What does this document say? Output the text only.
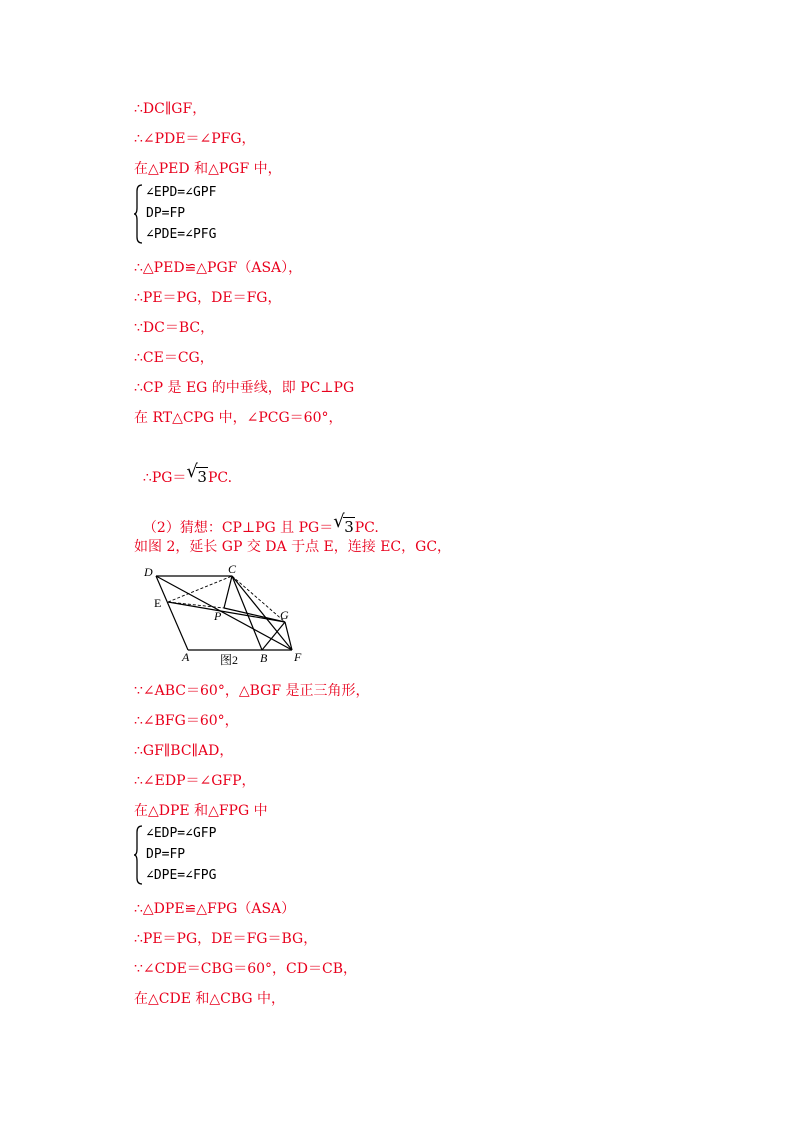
∴DC∥GF，
∴∠PDE＝∠PFG，
在△PED 和△PGF 中，
∠EPD=∠GPF
DP=FP
∠PDE=∠PFG
∴△PED≌△PGF（ASA），
∴PE＝PG，DE＝FG，
∵DC＝BC，
∴CE＝CG，
∴CP 是 EG 的中垂线，即 PC⊥PG
在 RT△CPG 中，∠PCG＝60°，

∴PG＝ √ 3PC.

（2）猜想：CP⊥PG 且 PG＝ √ 3PC.

如图 2，延长 GP 交 DA 于点 E，连接 EC，GC，
D	C
E
P	G
A	B F
图2
∵∠ABC＝60°，△BGF 是正三角形，
∴∠BFG＝60°，
∴GF∥BC∥AD，
∴∠EDP＝∠GFP，
在△DPE 和△FPG 中
∠EDP=∠GFP
DP=FP
∠DPE=∠FPG
∴△DPE≌△FPG（ASA）
∴PE＝PG，DE＝FG＝BG，
∵∠CDE＝CBG＝60°，CD＝CB，
在△CDE 和△CBG 中，
